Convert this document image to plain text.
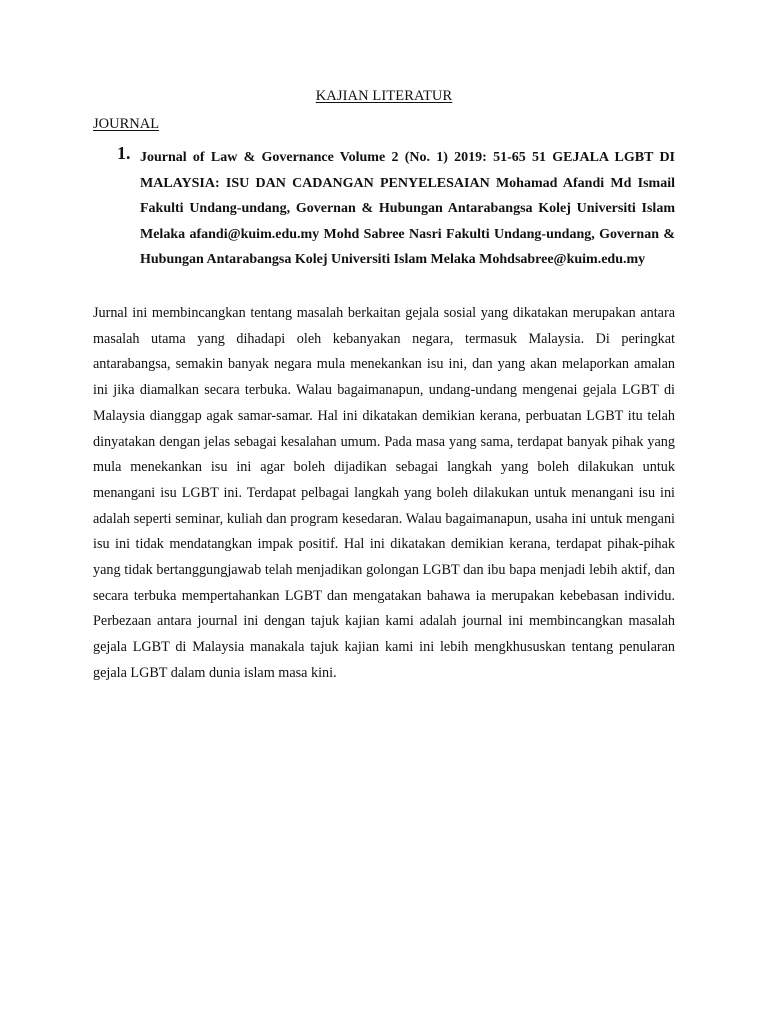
KAJIAN LITERATUR
JOURNAL
1. Journal of Law & Governance Volume 2 (No. 1) 2019: 51-65 51 GEJALA LGBT DI MALAYSIA: ISU DAN CADANGAN PENYELESAIAN Mohamad Afandi Md Ismail Fakulti Undang-undang, Governan & Hubungan Antarabangsa Kolej Universiti Islam Melaka afandi@kuim.edu.my Mohd Sabree Nasri Fakulti Undang-undang, Governan & Hubungan Antarabangsa Kolej Universiti Islam Melaka Mohdsabree@kuim.edu.my

Jurnal ini membincangkan tentang masalah berkaitan gejala sosial yang dikatakan merupakan antara masalah utama yang dihadapi oleh kebanyakan negara, termasuk Malaysia. Di peringkat antarabangsa, semakin banyak negara mula menekankan isu ini, dan yang akan melaporkan amalan ini jika diamalkan secara terbuka. Walau bagaimanapun, undang-undang mengenai gejala LGBT di Malaysia dianggap agak samar-samar. Hal ini dikatakan demikian kerana, perbuatan LGBT itu telah dinyatakan dengan jelas sebagai kesalahan umum. Pada masa yang sama, terdapat banyak pihak yang mula menekankan isu ini agar boleh dijadikan sebagai langkah yang boleh dilakukan untuk menangani isu LGBT ini. Terdapat pelbagai langkah yang boleh dilakukan untuk menangani isu ini adalah seperti seminar, kuliah dan program kesedaran. Walau bagaimanapun, usaha ini untuk mengani isu ini tidak mendatangkan impak positif. Hal ini dikatakan demikian kerana, terdapat pihak-pihak yang tidak bertanggungjawab telah menjadikan golongan LGBT dan ibu bapa menjadi lebih aktif, dan secara terbuka mempertahankan LGBT dan mengatakan bahawa ia merupakan kebebasan individu. Perbezaan antara journal ini dengan tajuk kajian kami adalah journal ini membincangkan masalah gejala LGBT di Malaysia manakala tajuk kajian kami ini lebih mengkhususkan tentang penularan gejala LGBT dalam dunia islam masa kini.
